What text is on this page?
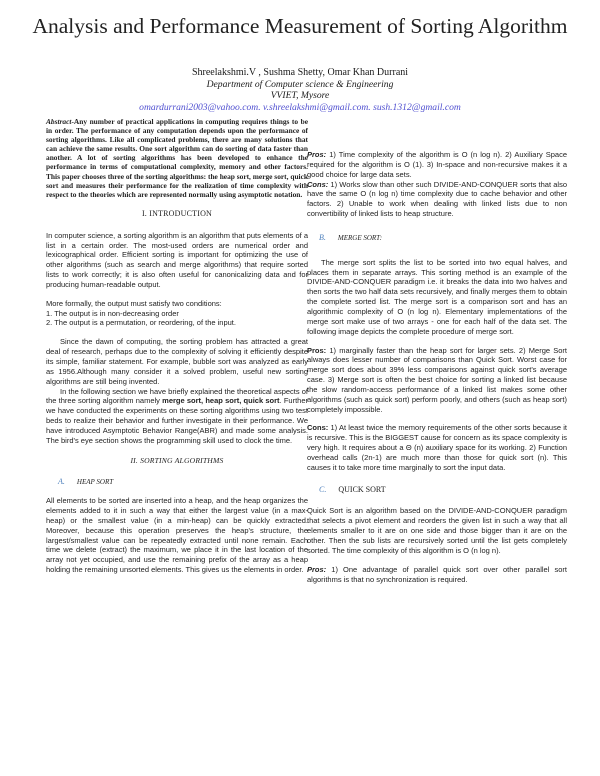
Analysis and Performance Measurement of Sorting Algorithm
Shreelakshmi.V , Sushma Shetty, Omar Khan Durrani
Department of Computer science & Engineering
VVIET, Mysore
omardurrani2003@vahoo.com. v.shreelakshmi@gmail.com. sush.1312@gmail.com

Abstract-Any number of practical applications in computing requires things to be in order. The performance of any computation depends upon the performance of sorting algorithms. Like all complicated problems, there are many solutions that can achieve the same results. One sort algorithm can do sorting of data faster than another. A lot of sorting algorithms has been developed to enhance the performance in terms of computational complexity, memory and other factors. This paper chooses three of the sorting algorithms: the heap sort, merge sort, quick sort and measures their performance for the realization of time complexity with respect to the theories which are represented normally using asymptotic notation.

I. INTRODUCTION

In computer science, a sorting algorithm is an algorithm that puts elements of a list in a certain order. The most-used orders are numerical order and lexicographical order. Efficient sorting is important for optimizing the use of other algorithms (such as search and merge algorithms) that require sorted lists to work correctly; it is also often useful for canonicalizing data and for producing human-readable output.

More formally, the output must satisfy two conditions:
1. The output is in non-decreasing order
2. The output is a permutation, or reordering, of the input.

Since the dawn of computing, the sorting problem has attracted a great deal of research, perhaps due to the complexity of solving it efficiently despite its simple, familiar statement. For example, bubble sort was analyzed as early as 1956.Although many consider it a solved problem, useful new sorting algorithms are still being invented.

In the following section we have briefly explained the theoretical aspects of the three sorting algorithm namely merge sort, heap sort, quick sort. Further we have conducted the experiments on these sorting algorithms using two test beds to realize their behavior and further investigate in their performance. We have introduced Asymptotic Behavior Range(ABR) and made some analysis. The bird's eye section shows the programming skill used to clock the time.

II. SORTING ALGORITHMS
A. HEAP SORT

All elements to be sorted are inserted into a heap, and the heap organizes the elements added to it in such a way that either the largest value (in a max-heap) or the smallest value (in a min-heap) can be quickly extracted. Moreover, because this operation preserves the heap's structure, the largest/smallest value can be repeatedly extracted until none remain. Each time we delete (extract) the maximum, we place it in the last location of the array not yet occupied, and use the remaining prefix of the array as a heap holding the remaining unsorted elements. This gives us the elements in order.

Pros: 1) Time complexity of the algorithm is O (n log n). 2) Auxiliary Space required for the algorithm is O (1). 3) In-space and non-recursive makes it a good choice for large data sets.

Cons: 1) Works slow than other such DIVIDE-AND-CONQUER sorts that also have the same O (n log n) time complexity due to cache behavior and other factors. 2) Unable to work when dealing with linked lists due to non convertibility of linked lists to heap structure.

B. MERGE SORT:

The merge sort splits the list to be sorted into two equal halves, and places them in separate arrays. This sorting method is an example of the DIVIDE-AND-CONQUER paradigm i.e. it breaks the data into two halves and then sorts the two half data sets recursively, and finally merges them to obtain the complete sorted list. The merge sort is a comparison sort and has an algorithmic complexity of O (n log n). Elementary implementations of the merge sort make use of two arrays - one for each half of the data set. The following image depicts the complete procedure of merge sort.

Pros: 1) marginally faster than the heap sort for larger sets. 2) Merge Sort always does lesser number of comparisons than Quick Sort. Worst case for merge sort does about 39% less comparisons against quick sort's average case. 3) Merge sort is often the best choice for sorting a linked list because the slow random-access performance of a linked list makes some other algorithms (such as quick sort) perform poorly, and others (such as heap sort) completely impossible.

Cons: 1) At least twice the memory requirements of the other sorts because it is recursive. This is the BIGGEST cause for concern as its space complexity is very high. It requires about a Θ (n) auxiliary space for its working. 2) Function overhead calls (2n-1) are much more than those for quick sort (n). This causes it to take more time marginally to sort the input data.

C. QUICK SORT

Quick Sort is an algorithm based on the DIVIDE-AND-CONQUER paradigm that selects a pivot element and reorders the given list in such a way that all elements smaller to it are on one side and those bigger than it are on the other. Then the sub lists are recursively sorted until the list gets completely sorted. The time complexity of this algorithm is O (n log n).

Pros: 1) One advantage of parallel quick sort over other parallel sort algorithms is that no synchronization is required.
